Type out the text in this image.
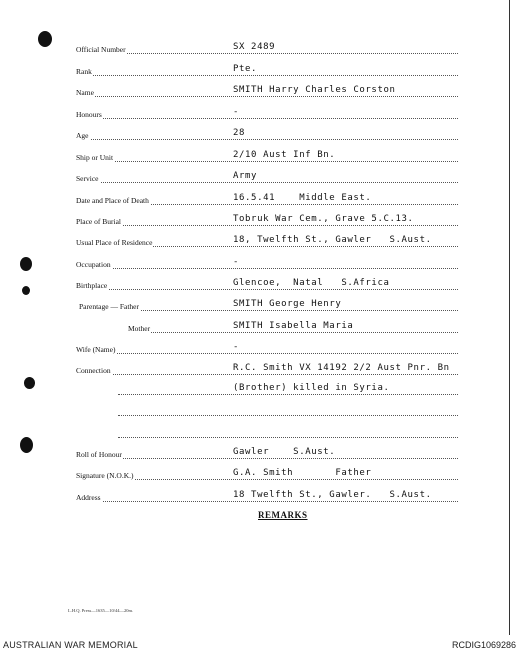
Official Number	SX 2489
Rank	Pte.
Name	SMITH Harry Charles Corston
Honours	-
Age	28
Ship or Unit	2/10 Aust Inf Bn.
Service	Army
Date and Place of Death	16.5.41    Middle East.
Place of Burial	Tobruk War Cem., Grave 5.C.13.
Usual Place of Residence	18, Twelfth St., Gawler   S.Aust.
Occupation	-
Birthplace	Glencoe,  Natal   S.Africa
Parentage — Father	SMITH George Henry
Mother	SMITH Isabella Maria
Wife (Name)	-
Connection	R.C. Smith VX 14192 2/2 Aust Pnr. Bn
(Brother) killed in Syria.
Roll of Honour	Gawler    S.Aust.
Signature (N.O.K.)	G.A. Smith       Father
Address	18 Twelfth St., Gawler.   S.Aust.
REMARKS
L.H.Q. Press—1635—10/44—20m.
AUSTRALIAN WAR MEMORIAL	RCDIG1069286
